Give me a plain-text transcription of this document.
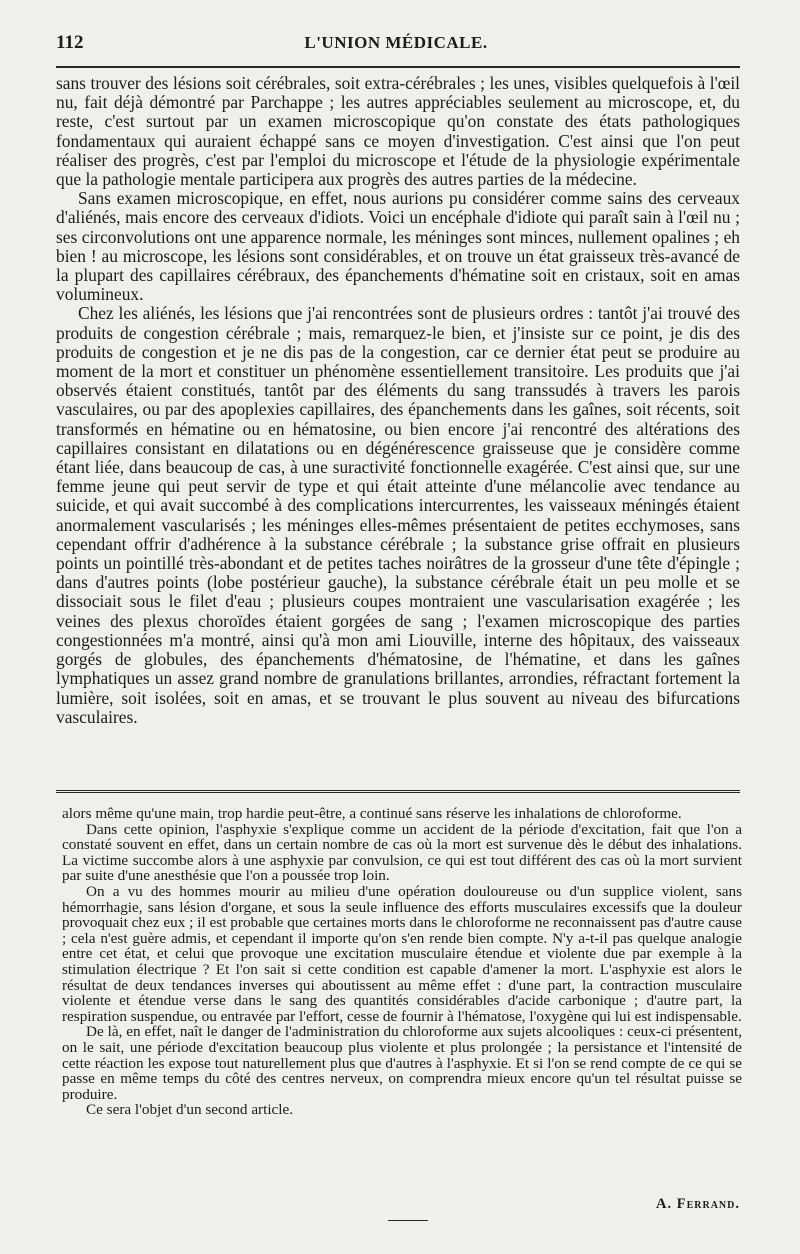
112	L'UNION MÉDICALE.

sans trouver des lésions soit cérébrales, soit extra-cérébrales ; les unes, visibles quelquefois à l'œil nu, fait déjà démontré par Parchappe ; les autres appréciables seulement au microscope, et, du reste, c'est surtout par un examen microscopique qu'on constate des états pathologiques fondamentaux qui auraient échappé sans ce moyen d'investigation. C'est ainsi que l'on peut réaliser des progrès, c'est par l'emploi du microscope et l'étude de la physiologie expérimentale que la pathologie mentale participera aux progrès des autres parties de la médecine.

Sans examen microscopique, en effet, nous aurions pu considérer comme sains des cerveaux d'aliénés, mais encore des cerveaux d'idiots. Voici un encéphale d'idiote qui paraît sain à l'œil nu ; ses circonvolutions ont une apparence normale, les méninges sont minces, nullement opalines ; eh bien ! au microscope, les lésions sont considérables, et on trouve un état graisseux très-avancé de la plupart des capillaires cérébraux, des épanchements d'hématine soit en cristaux, soit en amas volumineux.

Chez les aliénés, les lésions que j'ai rencontrées sont de plusieurs ordres : tantôt j'ai trouvé des produits de congestion cérébrale ; mais, remarquez-le bien, et j'insiste sur ce point, je dis des produits de congestion et je ne dis pas de la congestion, car ce dernier état peut se produire au moment de la mort et constituer un phénomène essentiellement transitoire. Les produits que j'ai observés étaient constitués, tantôt par des éléments du sang transsudés à travers les parois vasculaires, ou par des apoplexies capillaires, des épanchements dans les gaînes, soit récents, soit transformés en hématine ou en hématosine, ou bien encore j'ai rencontré des altérations des capillaires consistant en dilatations ou en dégénérescence graisseuse que je considère comme étant liée, dans beaucoup de cas, à une suractivité fonctionnelle exagérée. C'est ainsi que, sur une femme jeune qui peut servir de type et qui était atteinte d'une mélancolie avec tendance au suicide, et qui avait succombé à des complications intercurrentes, les vaisseaux méningés étaient anormalement vascularisés ; les méninges elles-mêmes présentaient de petites ecchymoses, sans cependant offrir d'adhérence à la substance cérébrale ; la substance grise offrait en plusieurs points un pointillé très-abondant et de petites taches noirâtres de la grosseur d'une tête d'épingle ; dans d'autres points (lobe postérieur gauche), la substance cérébrale était un peu molle et se dissociait sous le filet d'eau ; plusieurs coupes montraient une vascularisation exagérée ; les veines des plexus choroïdes étaient gorgées de sang ; l'examen microscopique des parties congestionnées m'a montré, ainsi qu'à mon ami Liouville, interne des hôpitaux, des vaisseaux gorgés de globules, des épanchements d'hématosine, de l'hématine, et dans les gaînes lymphatiques un assez grand nombre de granulations brillantes, arrondies, réfractant fortement la lumière, soit isolées, soit en amas, et se trouvant le plus souvent au niveau des bifurcations vasculaires.

alors même qu'une main, trop hardie peut-être, a continué sans réserve les inhalations de chloroforme.

Dans cette opinion, l'asphyxie s'explique comme un accident de la période d'excitation, fait que l'on a constaté souvent en effet, dans un certain nombre de cas où la mort est survenue dès le début des inhalations. La victime succombe alors à une asphyxie par convulsion, ce qui est tout différent des cas où la mort survient par suite d'une anesthésie que l'on a poussée trop loin.

On a vu des hommes mourir au milieu d'une opération douloureuse ou d'un supplice violent, sans hémorrhagie, sans lésion d'organe, et sous la seule influence des efforts musculaires excessifs que la douleur provoquait chez eux ; il est probable que certaines morts dans le chloroforme ne reconnaissent pas d'autre cause ; cela n'est guère admis, et cependant il importe qu'on s'en rende bien compte. N'y a-t-il pas quelque analogie entre cet état, et celui que provoque une excitation musculaire étendue et violente due par exemple à la stimulation électrique ? Et l'on sait si cette condition est capable d'amener la mort. L'asphyxie est alors le résultat de deux tendances inverses qui aboutissent au même effet : d'une part, la contraction musculaire violente et étendue verse dans le sang des quantités considérables d'acide carbonique ; d'autre part, la respiration suspendue, ou entravée par l'effort, cesse de fournir à l'hématose, l'oxygène qui lui est indispensable.

De là, en effet, naît le danger de l'administration du chloroforme aux sujets alcooliques : ceux-ci présentent, on le sait, une période d'excitation beaucoup plus violente et plus prolongée ; la persistance et l'intensité de cette réaction les expose tout naturellement plus que d'autres à l'asphyxie. Et si l'on se rend compte de ce qui se passe en même temps du côté des centres nerveux, on comprendra mieux encore qu'un tel résultat puisse se produire.

Ce sera l'objet d'un second article.

A. Ferrand.
